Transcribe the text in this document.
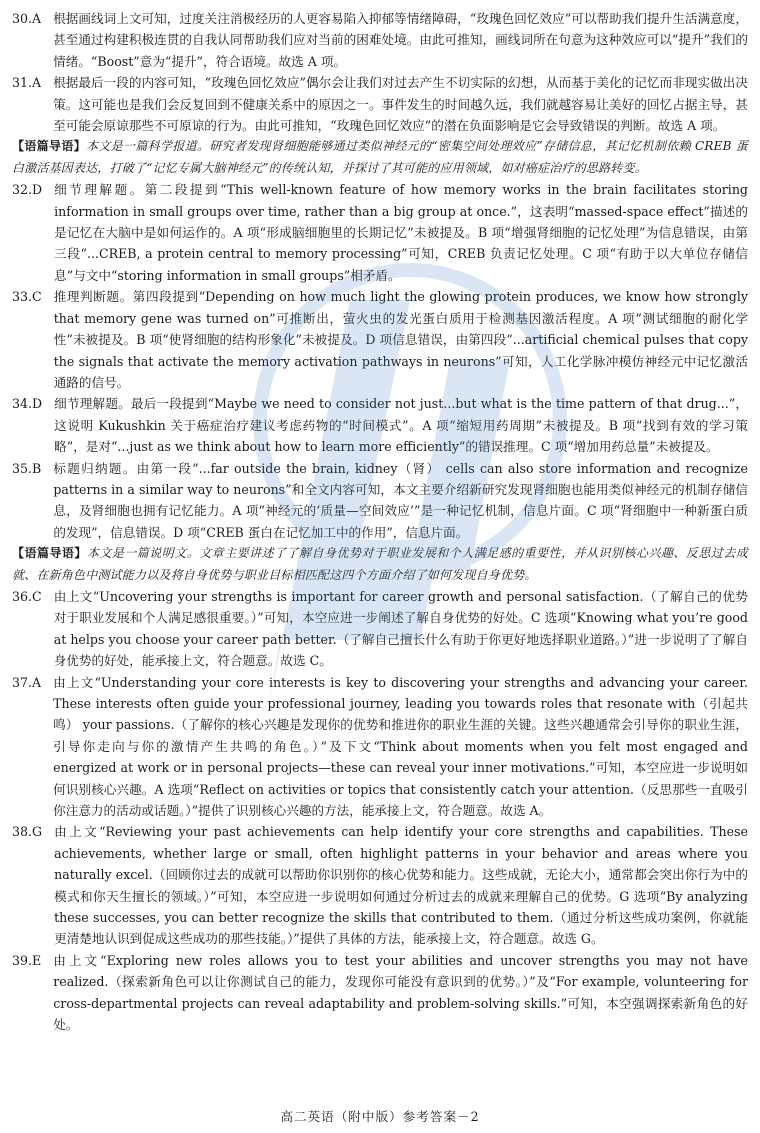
30.A
根据画线词上文可知，过度关注消极经历的人更容易陷入抑郁等情绪障碍，“玫瑰色回忆效应”可以帮助我们提升生活满意度，甚至通过构建积极连贯的自我认同帮助我们应对当前的困难处境。由此可推知，画线词所在句意为这种效应可以“提升”我们的情绪。“Boost”意为“提升”，符合语境。故选 A 项。
31.A
根据最后一段的内容可知，“玫瑰色回忆效应”偶尔会让我们对过去产生不切实际的幻想，从而基于美化的记忆而非现实做出决策。这可能也是我们会反复回到不健康关系中的原因之一。事件发生的时间越久远，我们就越容易让美好的回忆占据主导，甚至可能会原谅那些不可原谅的行为。由此可推知，“玫瑰色回忆效应”的潜在负面影响是它会导致错误的判断。故选 A 项。
【语篇导语】本文是一篇科学报道。研究者发现肾细胞能够通过类似神经元的“密集空间处理效应”存储信息，其记忆机制依赖 CREB 蛋白激活基因表达，打破了“记忆专属大脑神经元”的传统认知，并探讨了其可能的应用领域，如对癌症治疗的思路转变。
32.D
细节理解题。第二段提到“This well-known feature of how memory works in the brain facilitates storing information in small groups over time, rather than a big group at once.”，这表明“massed-space effect”描述的是记忆在大脑中是如何运作的。A 项“形成脑细胞里的长期记忆”未被提及。B 项“增强肾细胞的记忆处理”为信息错误，由第三段“...CREB, a protein central to memory processing”可知，CREB 负责记忆处理。C 项“有助于以大单位存储信息”与文中“storing information in small groups”相矛盾。
33.C
推理判断题。第四段提到“Depending on how much light the glowing protein produces, we know how strongly that memory gene was turned on”可推断出，萤火虫的发光蛋白质用于检测基因激活程度。A 项“测试细胞的耐化学性”未被提及。B 项“使肾细胞的结构形象化”未被提及。D 项信息错误，由第四段“...artificial chemical pulses that copy the signals that activate the memory activation pathways in neurons”可知，人工化学脉冲模仿神经元中记忆激活通路的信号。
34.D
细节理解题。最后一段提到“Maybe we need to consider not just...but what is the time pattern of that drug...”，这说明 Kukushkin 关于癌症治疗建议考虑药物的“时间模式”。A 项“缩短用药周期”未被提及。B 项“找到有效的学习策略”，是对“...just as we think about how to learn more efficiently”的错误推理。C 项“增加用药总量”未被提及。
35.B
标题归纳题。由第一段“...far outside the brain, kidney（肾） cells can also store information and recognize patterns in a similar way to neurons”和全文内容可知，本文主要介绍新研究发现肾细胞也能用类似神经元的机制存储信息，及肾细胞也拥有记忆能力。A 项“神经元的‘质量—空间效应’”是一种记忆机制，信息片面。C 项“肾细胞中一种新蛋白质的发现”，信息错误。D 项“CREB 蛋白在记忆加工中的作用”，信息片面。
【语篇导语】本文是一篇说明文。文章主要讲述了了解自身优势对于职业发展和个人满足感的重要性，并从识别核心兴趣、反思过去成就、在新角色中测试能力以及将自身优势与职业目标相匹配这四个方面介绍了如何发现自身优势。
36.C
由上文“Uncovering your strengths is important for career growth and personal satisfaction.（了解自己的优势对于职业发展和个人满足感很重要。）”可知，本空应进一步阐述了解自身优势的好处。C 选项“Knowing what you’re good at helps you choose your career path better.（了解自己擅长什么有助于你更好地选择职业道路。）”进一步说明了了解自身优势的好处，能承接上文，符合题意。故选 C。
37.A
由上文“Understanding your core interests is key to discovering your strengths and advancing your career. These interests often guide your professional journey, leading you towards roles that resonate with（引起共鸣） your passions.（了解你的核心兴趣是发现你的优势和推进你的职业生涯的关键。这些兴趣通常会引导你的职业生涯，引导你走向与你的激情产生共鸣的角色。）”及下文“Think about moments when you felt most engaged and energized at work or in personal projects—these can reveal your inner motivations.”可知，本空应进一步说明如何识别核心兴趣。A 选项“Reflect on activities or topics that consistently catch your attention.（反思那些一直吸引你注意力的活动或话题。）”提供了识别核心兴趣的方法，能承接上文，符合题意。故选 A。
38.G
由上文“Reviewing your past achievements can help identify your core strengths and capabilities. These achievements, whether large or small, often highlight patterns in your behavior and areas where you naturally excel.（回顾你过去的成就可以帮助你识别你的核心优势和能力。这些成就，无论大小，通常都会突出你行为中的模式和你天生擅长的领域。）”可知，本空应进一步说明如何通过分析过去的成就来理解自己的优势。G 选项“By analyzing these successes, you can better recognize the skills that contributed to them.（通过分析这些成功案例，你就能更清楚地认识到促成这些成功的那些技能。）”提供了具体的方法，能承接上文，符合题意。故选 G。
39.E
由上文“Exploring new roles allows you to test your abilities and uncover strengths you may not have realized.（探索新角色可以让你测试自己的能力，发现你可能没有意识到的优势。）”及“For example, volunteering for cross-departmental projects can reveal adaptability and problem-solving skills.”可知，本空强调探索新角色的好处。
高二英语（附中版）参考答案－2
